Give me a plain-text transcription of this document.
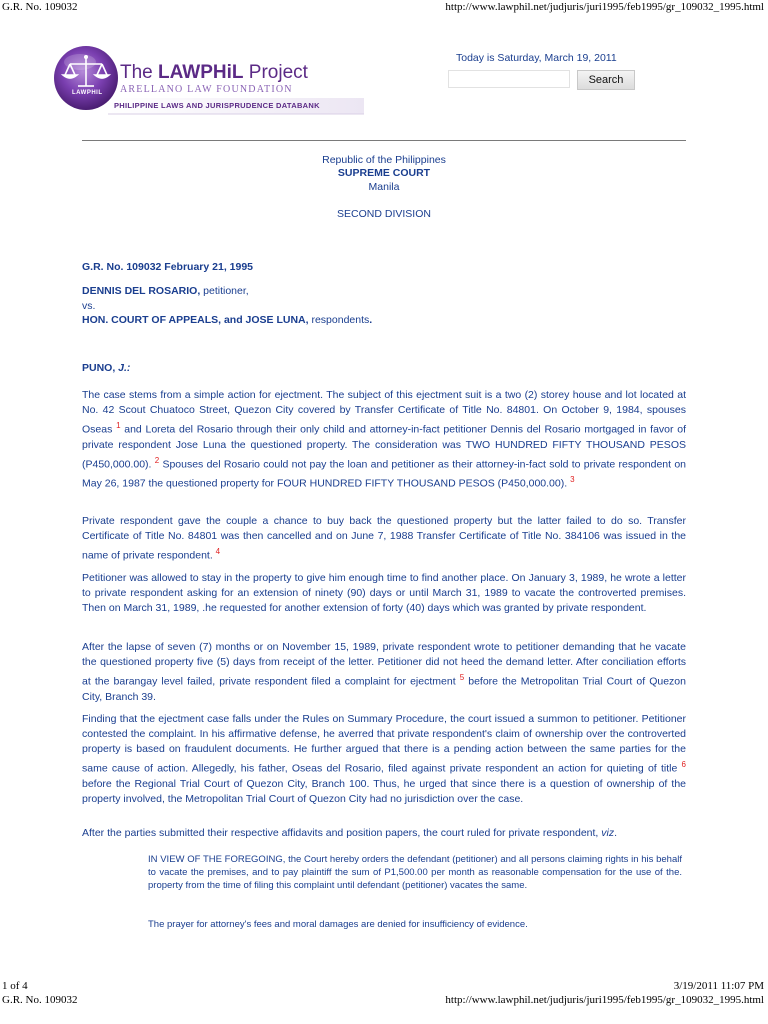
G.R. No. 109032	http://www.lawphil.net/judjuris/juri1995/feb1995/gr_109032_1995.html
LAWPHIL
The LAWPHiL Project
ARELLANO LAW FOUNDATION
PHILIPPINE LAWS AND JURISPRUDENCE DATABANK
Today is Saturday, March 19, 2011
Search
Republic of the Philippines
SUPREME COURT
Manila
SECOND DIVISION
G.R. No. 109032 February 21, 1995
DENNIS DEL ROSARIO, petitioner,
vs.
HON. COURT OF APPEALS, and JOSE LUNA, respondents.
PUNO, J.:
The case stems from a simple action for ejectment. The subject of this ejectment suit is a two (2) storey house and lot located at No. 42 Scout Chuatoco Street, Quezon City covered by Transfer Certificate of Title No. 84801. On October 9, 1984, spouses Oseas $^1$ and Loreta del Rosario through their only child and attorney-in-fact petitioner Dennis del Rosario mortgaged in favor of private respondent Jose Luna the questioned property. The consideration was TWO HUNDRED FIFTY THOUSAND PESOS (P450,000.00). $^2$ Spouses del Rosario could not pay the loan and petitioner as their attorney-in-fact sold to private respondent on May 26, 1987 the questioned property for FOUR HUNDRED FIFTY THOUSAND PESOS (P450,000.00). $^3$
Private respondent gave the couple a chance to buy back the questioned property but the latter failed to do so. Transfer Certificate of Title No. 84801 was then cancelled and on June 7, 1988 Transfer Certificate of Title No. 384106 was issued in the name of private respondent. $^4$
Petitioner was allowed to stay in the property to give him enough time to find another place. On January 3, 1989, he wrote a letter to private respondent asking for an extension of ninety (90) days or until March 31, 1989 to vacate the controverted premises. Then on March 31, 1989, .he requested for another extension of forty (40) days which was granted by private respondent.
After the lapse of seven (7) months or on November 15, 1989, private respondent wrote to petitioner demanding that he vacate the questioned property five (5) days from receipt of the letter. Petitioner did not heed the demand letter. After conciliation efforts at the barangay level failed, private respondent filed a complaint for ejectment $^5$ before the Metropolitan Trial Court of Quezon City, Branch 39.
Finding that the ejectment case falls under the Rules on Summary Procedure, the court issued a summon to petitioner. Petitioner contested the complaint. In his affirmative defense, he averred that private respondent's claim of ownership over the controverted property is based on fraudulent documents. He further argued that there is a pending action between the same parties for the same cause of action. Allegedly, his father, Oseas del Rosario, filed against private respondent an action for quieting of title $^6$ before the Regional Trial Court of Quezon City, Branch 100. Thus, he urged that since there is a question of ownership of the property involved, the Metropolitan Trial Court of Quezon City had no jurisdiction over the case.
After the parties submitted their respective affidavits and position papers, the court ruled for private respondent, viz.
IN VIEW OF THE FOREGOING, the Court hereby orders the defendant (petitioner) and all persons claiming rights in his behalf to vacate the premises, and to pay plaintiff the sum of P1,500.00 per month as reasonable compensation for the use of the. property from the time of filing this complaint until defendant (petitioner) vacates the same.
The prayer for attorney's fees and moral damages are denied for insufficiency of evidence.
1 of 4	3/19/2011 11:07 PM
G.R. No. 109032	http://www.lawphil.net/judjuris/juri1995/feb1995/gr_109032_1995.html
